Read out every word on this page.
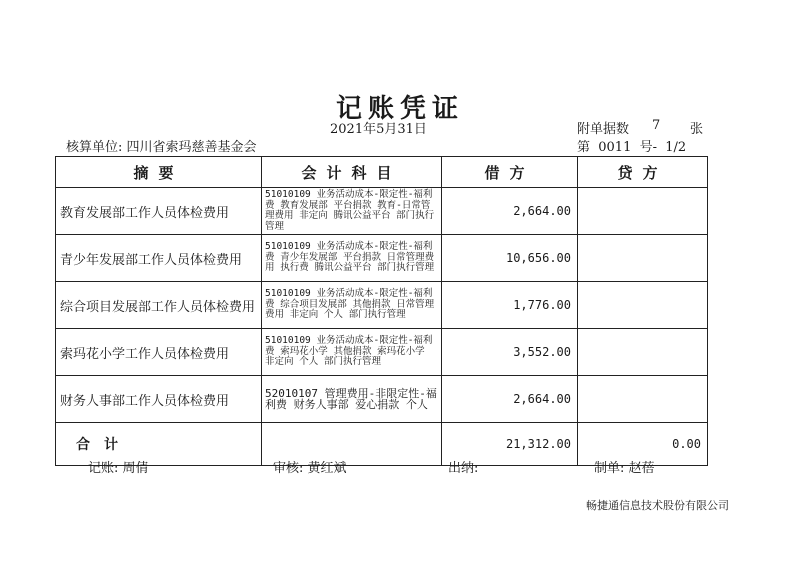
记账凭证
2021年5月31日	附单据数 7 张
核算单位: 四川省索玛慈善基金会	第  0011  号-  1/2
摘要	会计科目	借方	贷方
教育发展部工作人员体检费用	51010109 业务活动成本-限定性-福利费 教育发展部 平台捐款 教育-日常管理费用 非定向 腾讯公益平台 部门执行管理	2,664.00	
青少年发展部工作人员体检费用	51010109 业务活动成本-限定性-福利费 青少年发展部 平台捐款 日常管理费用 执行费 腾讯公益平台 部门执行管理	10,656.00	
综合项目发展部工作人员体检费用	51010109 业务活动成本-限定性-福利费 综合项目发展部 其他捐款 日常管理费用 非定向 个人 部门执行管理	1,776.00	
索玛花小学工作人员体检费用	51010109 业务活动成本-限定性-福利费 索玛花小学 其他捐款 索玛花小学 非定向 个人 部门执行管理	3,552.00	
财务人事部工作人员体检费用	52010107 管理费用-非限定性-福利费 财务人事部 爱心捐款 个人	2,664.00	
合计		21,312.00	0.00
记账: 周倩	审核: 黄红斌	出纳:	制单: 赵蓓
畅捷通信息技术股份有限公司
